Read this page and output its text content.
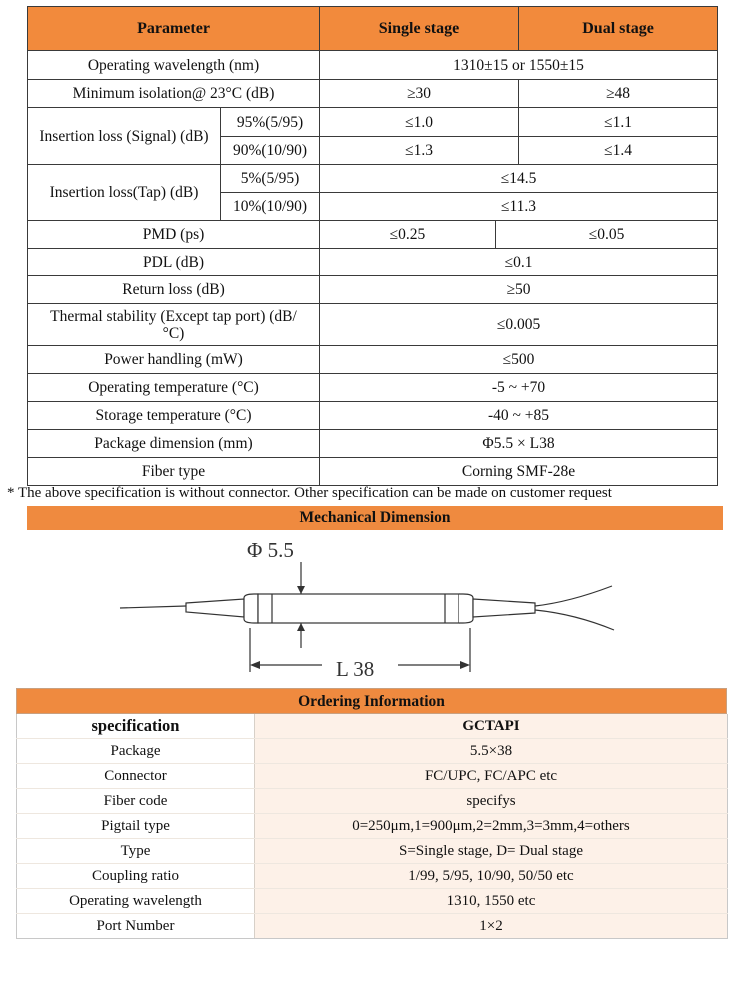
Parameter		Single stage		Dual stage
Operating wavelength (nm)		1310±15 or 1550±15		
Minimum isolation@ 23°C (dB)		≥30		≥48
Insertion loss (Signal) (dB)	95%(5/95)	≤1.0		≤1.1
	90%(10/90)	≤1.3		≤1.4
Insertion loss(Tap) (dB)	5%(5/95)	≤14.5		
	10%(10/90)	≤11.3		
PMD (ps)		≤0.25	≤0.05	
PDL (dB)		≤0.1		
Return loss (dB)		≥50		
Thermal stability (Except tap port) (dB/°C)		≤0.005		
Power handling (mW)		≤500		
Operating temperature (°C)		-5 ~ +70		
Storage temperature (°C)		-40 ~ +85		
Package dimension (mm)		Φ5.5 × L38		
Fiber type		Corning SMF-28e		
* The above specification is without connector. Other specification can be made on customer request
Mechanical Dimension
Φ 5.5
L 38
Ordering Information
specification	GCTAPI
Package	5.5×38
Connector	FC/UPC, FC/APC etc
Fiber code	specifys
Pigtail type	0=250μm,1=900μm,2=2mm,3=3mm,4=others
Type	S=Single stage, D= Dual stage
Coupling ratio	1/99, 5/95, 10/90, 50/50 etc
Operating wavelength	1310, 1550 etc
Port Number	1×2
